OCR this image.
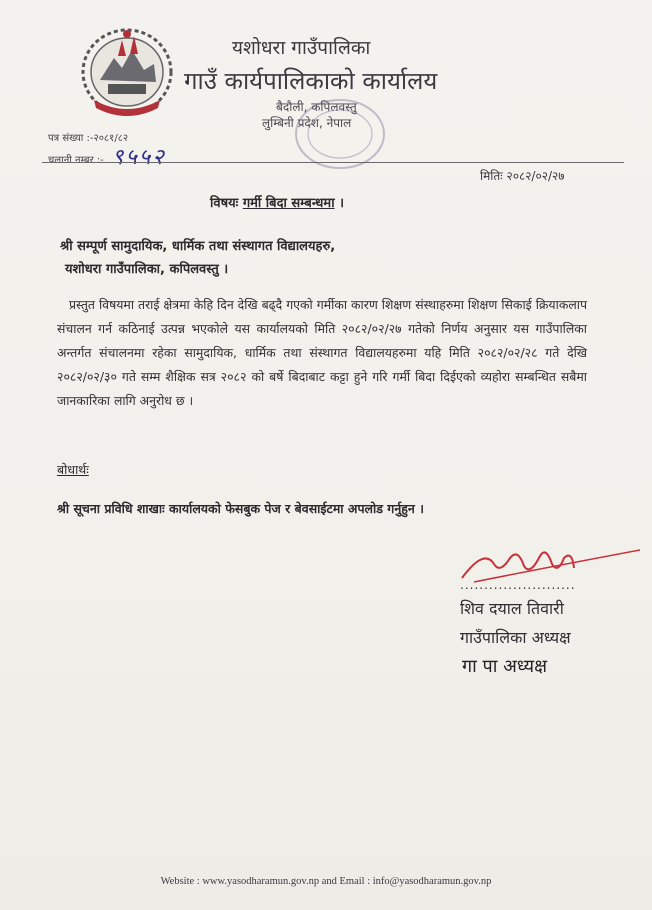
यशोधरा गाउँपालिका
गाउँ कार्यपालिकाको कार्यालय
बैदौली, कपिलवस्तु
लुम्बिनी प्रदेश, नेपाल
पत्र संख्या :-२०८१/८२
चलानी नम्बर :- ९५५२
मितिः २०८२/०२/२७
विषयः गर्मी बिदा सम्बन्धमा ।
श्री सम्पूर्ण सामुदायिक, धार्मिक तथा संस्थागत विद्यालयहरु,
यशोधरा गाउँपालिका, कपिलवस्तु ।
प्रस्तुत विषयमा तराई क्षेत्रमा केहि दिन देखि बढ्दै गएको गर्मीका कारण शिक्षण संस्थाहरुमा शिक्षण सिकाई क्रियाकलाप संचालन गर्न कठिनाई उत्पन्न भएकोले यस कार्यालयको मिति २०८२/०२/२७ गतेको निर्णय अनुसार यस गाउँपालिका अन्तर्गत संचालनमा रहेका सामुदायिक, धार्मिक तथा संस्थागत विद्यालयहरुमा यहि मिति २०८२/०२/२८ गते देखि २०८२/०२/३० गते सम्म शैक्षिक सत्र २०८२ को बर्षे बिदाबाट कट्टा हुने गरि गर्मी बिदा दिईएको व्यहोरा सम्बन्धित सबैमा जानकारिका लागि अनुरोध छ ।
बोधार्थः
श्री सूचना प्रविधि शाखाः कार्यालयको फेसबुक पेज र बेवसाईटमा अपलोड गर्नुहुन ।
........................
शिव दयाल तिवारी
गाउँपालिका अध्यक्ष
गा पा अध्यक्ष
Website : www.yasodharamun.gov.np and Email : info@yasodharamun.gov.np
